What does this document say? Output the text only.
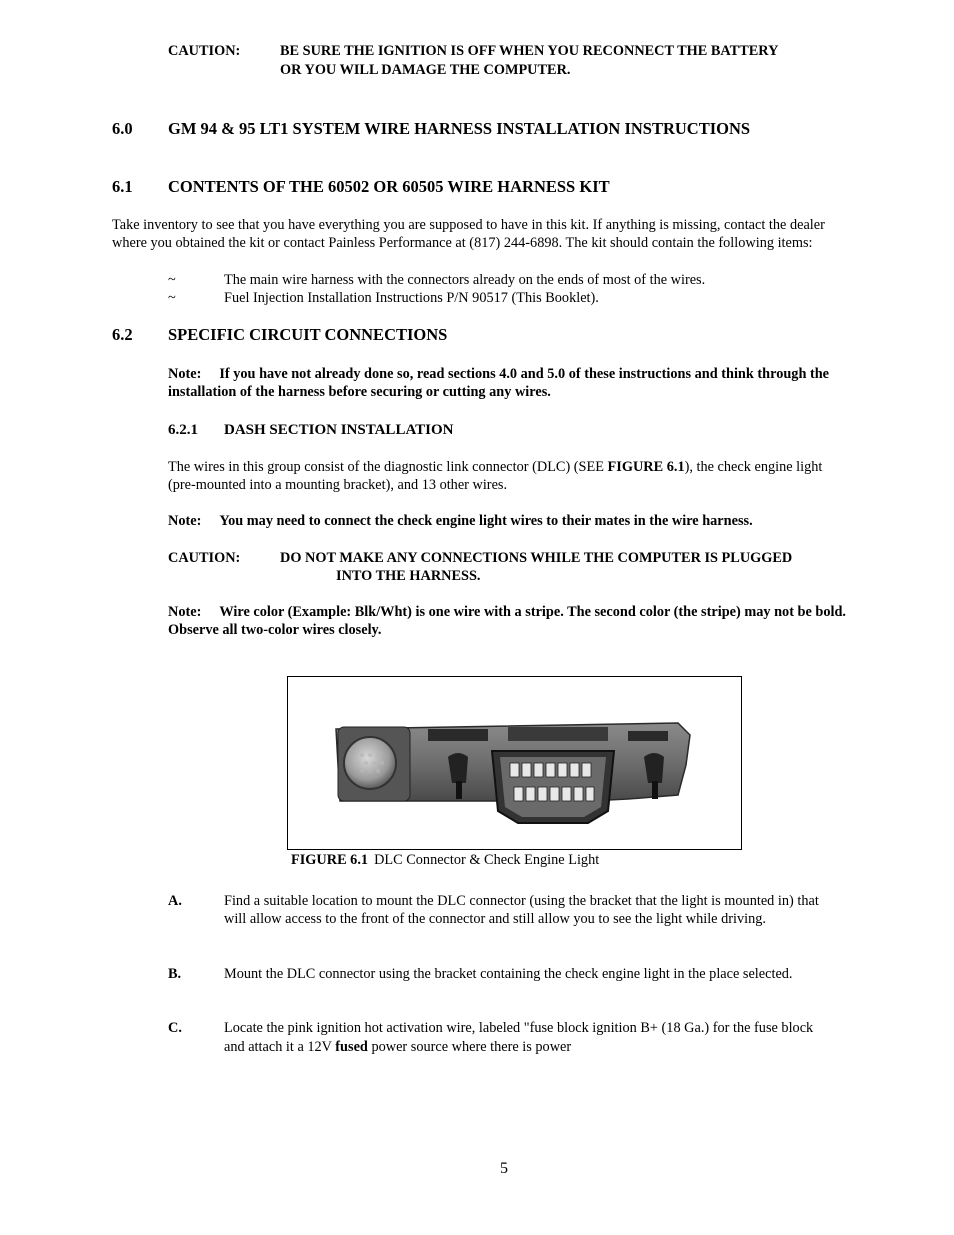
CAUTION:	BE SURE THE IGNITION IS OFF WHEN YOU RECONNECT THE BATTERY
OR YOU WILL DAMAGE THE COMPUTER.
6.0 GM 94 & 95 LT1 SYSTEM WIRE HARNESS INSTALLATION INSTRUCTIONS
6.1 CONTENTS OF THE 60502 OR 60505 WIRE HARNESS KIT

Take inventory to see that you have everything you are supposed to have in this kit. If anything is missing, contact the dealer where you obtained the kit or contact Painless Performance at (817) 244-6898. The kit should contain the following items:

~	The main wire harness with the connectors already on the ends of most of the wires.
~	Fuel Injection Installation Instructions P/N 90517 (This Booklet).
6.2 SPECIFIC CIRCUIT CONNECTIONS

Note: If you have not already done so, read sections 4.0 and 5.0 of these instructions and think through the installation of the harness before securing or cutting any wires.

6.2.1 DASH SECTION INSTALLATION

The wires in this group consist of the diagnostic link connector (DLC) (SEE FIGURE 6.1), the check engine light (pre-mounted into a mounting bracket), and 13 other wires.

Note: You may need to connect the check engine light wires to their mates in the wire harness.

CAUTION:	DO NOT MAKE ANY CONNECTIONS WHILE THE COMPUTER IS PLUGGED
INTO THE HARNESS.

Note: Wire color (Example: Blk/Wht) is one wire with a stripe. The second color (the stripe) may not be bold. Observe all two-color wires closely.

FIGURE 6.1 DLC Connector & Check Engine Light
A.	Find a suitable location to mount the DLC connector (using the bracket that the light is mounted in) that will allow access to the front of the connector and still allow you to see the light while driving.

B.	Mount the DLC connector using the bracket containing the check engine light in the place selected.

C.	Locate the pink ignition hot activation wire, labeled "fuse block ignition B+ (18 Ga.) for the fuse block and attach it a 12V fused power source where there is power

5
